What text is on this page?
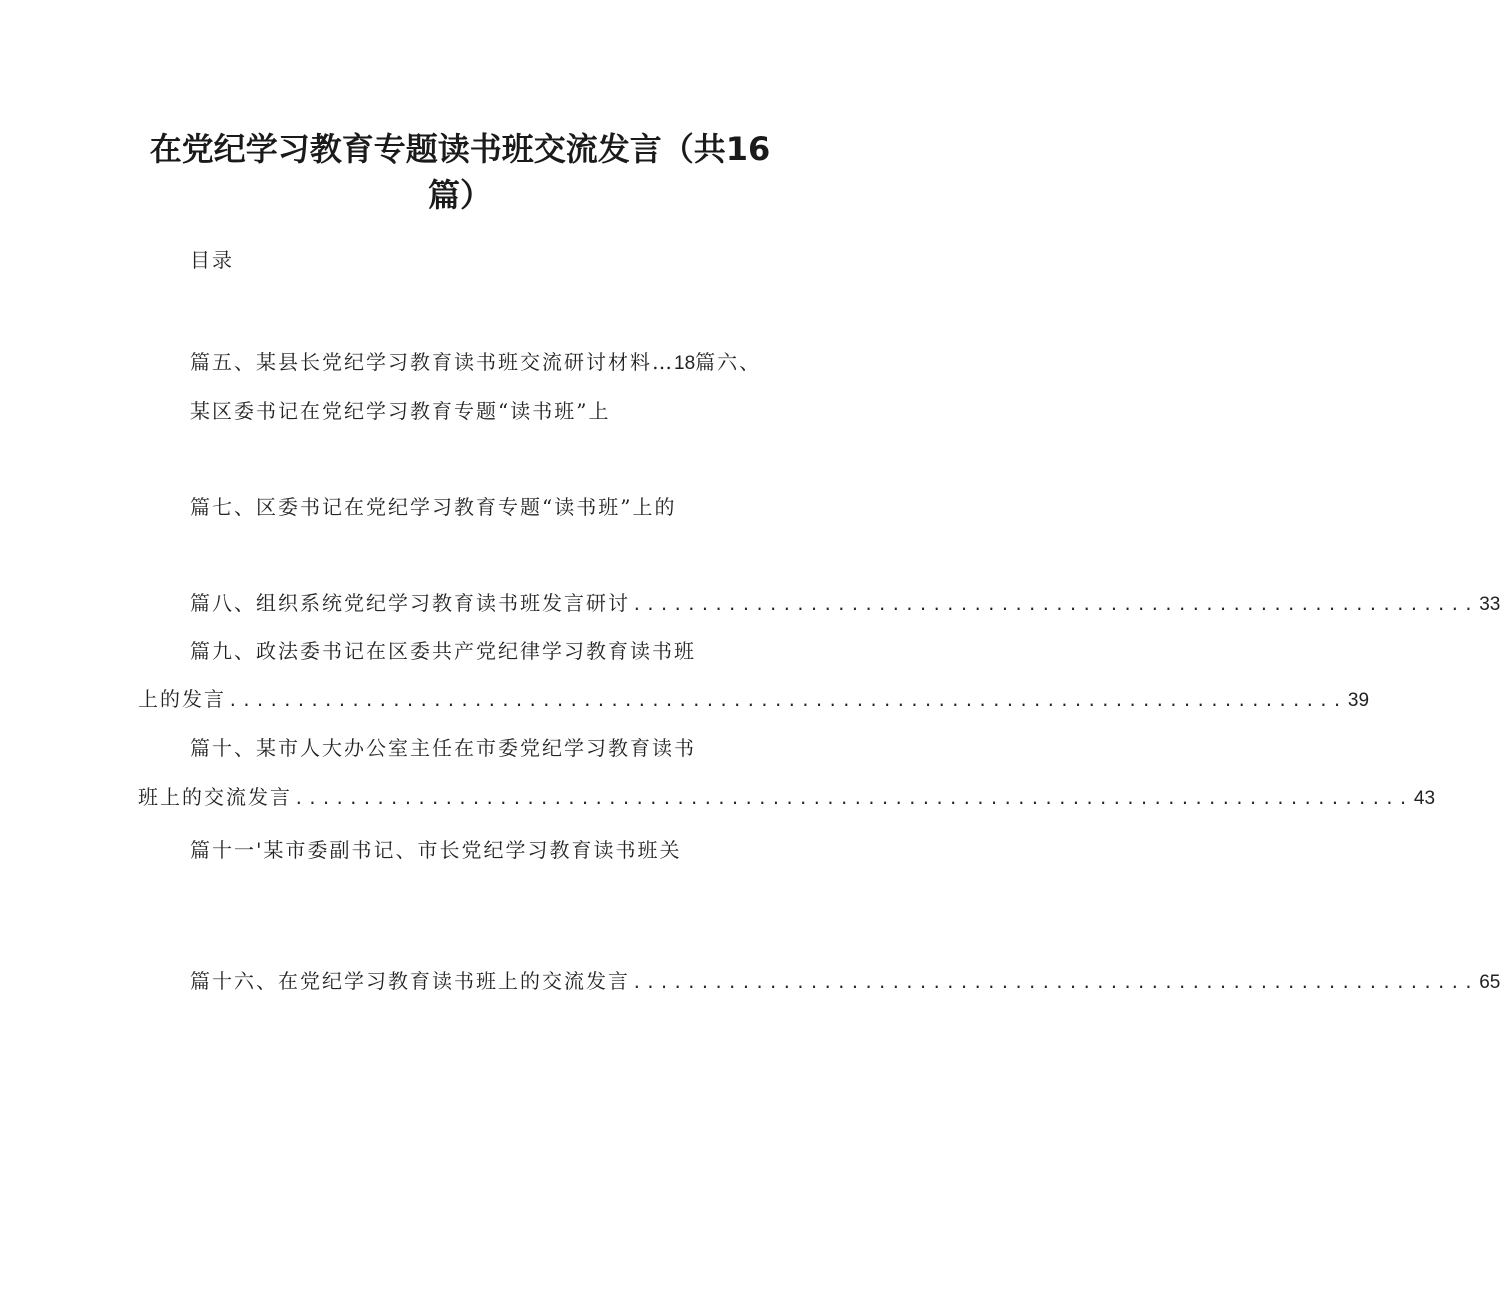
在党纪学习教育专题读书班交流发言（共16
篇）
目录
篇五、某县长党纪学习教育读书班交流研讨材料…18篇六、
某区委书记在党纪学习教育专题“读书班”上
篇七、区委书记在党纪学习教育专题“读书班”上的
篇八、组织系统党纪学习教育读书班发言研讨 .............................................................. 33
篇九、政法委书记在区委共产党纪律学习教育读书班
上的发言 .................................................................................. 39
篇十、某市人大办公室主任在市委党纪学习教育读书
班上的交流发言 .................................................................................. 43
篇十一'某市委副书记、市长党纪学习教育读书班关
篇十六、在党纪学习教育读书班上的交流发言 .............................................................. 65
